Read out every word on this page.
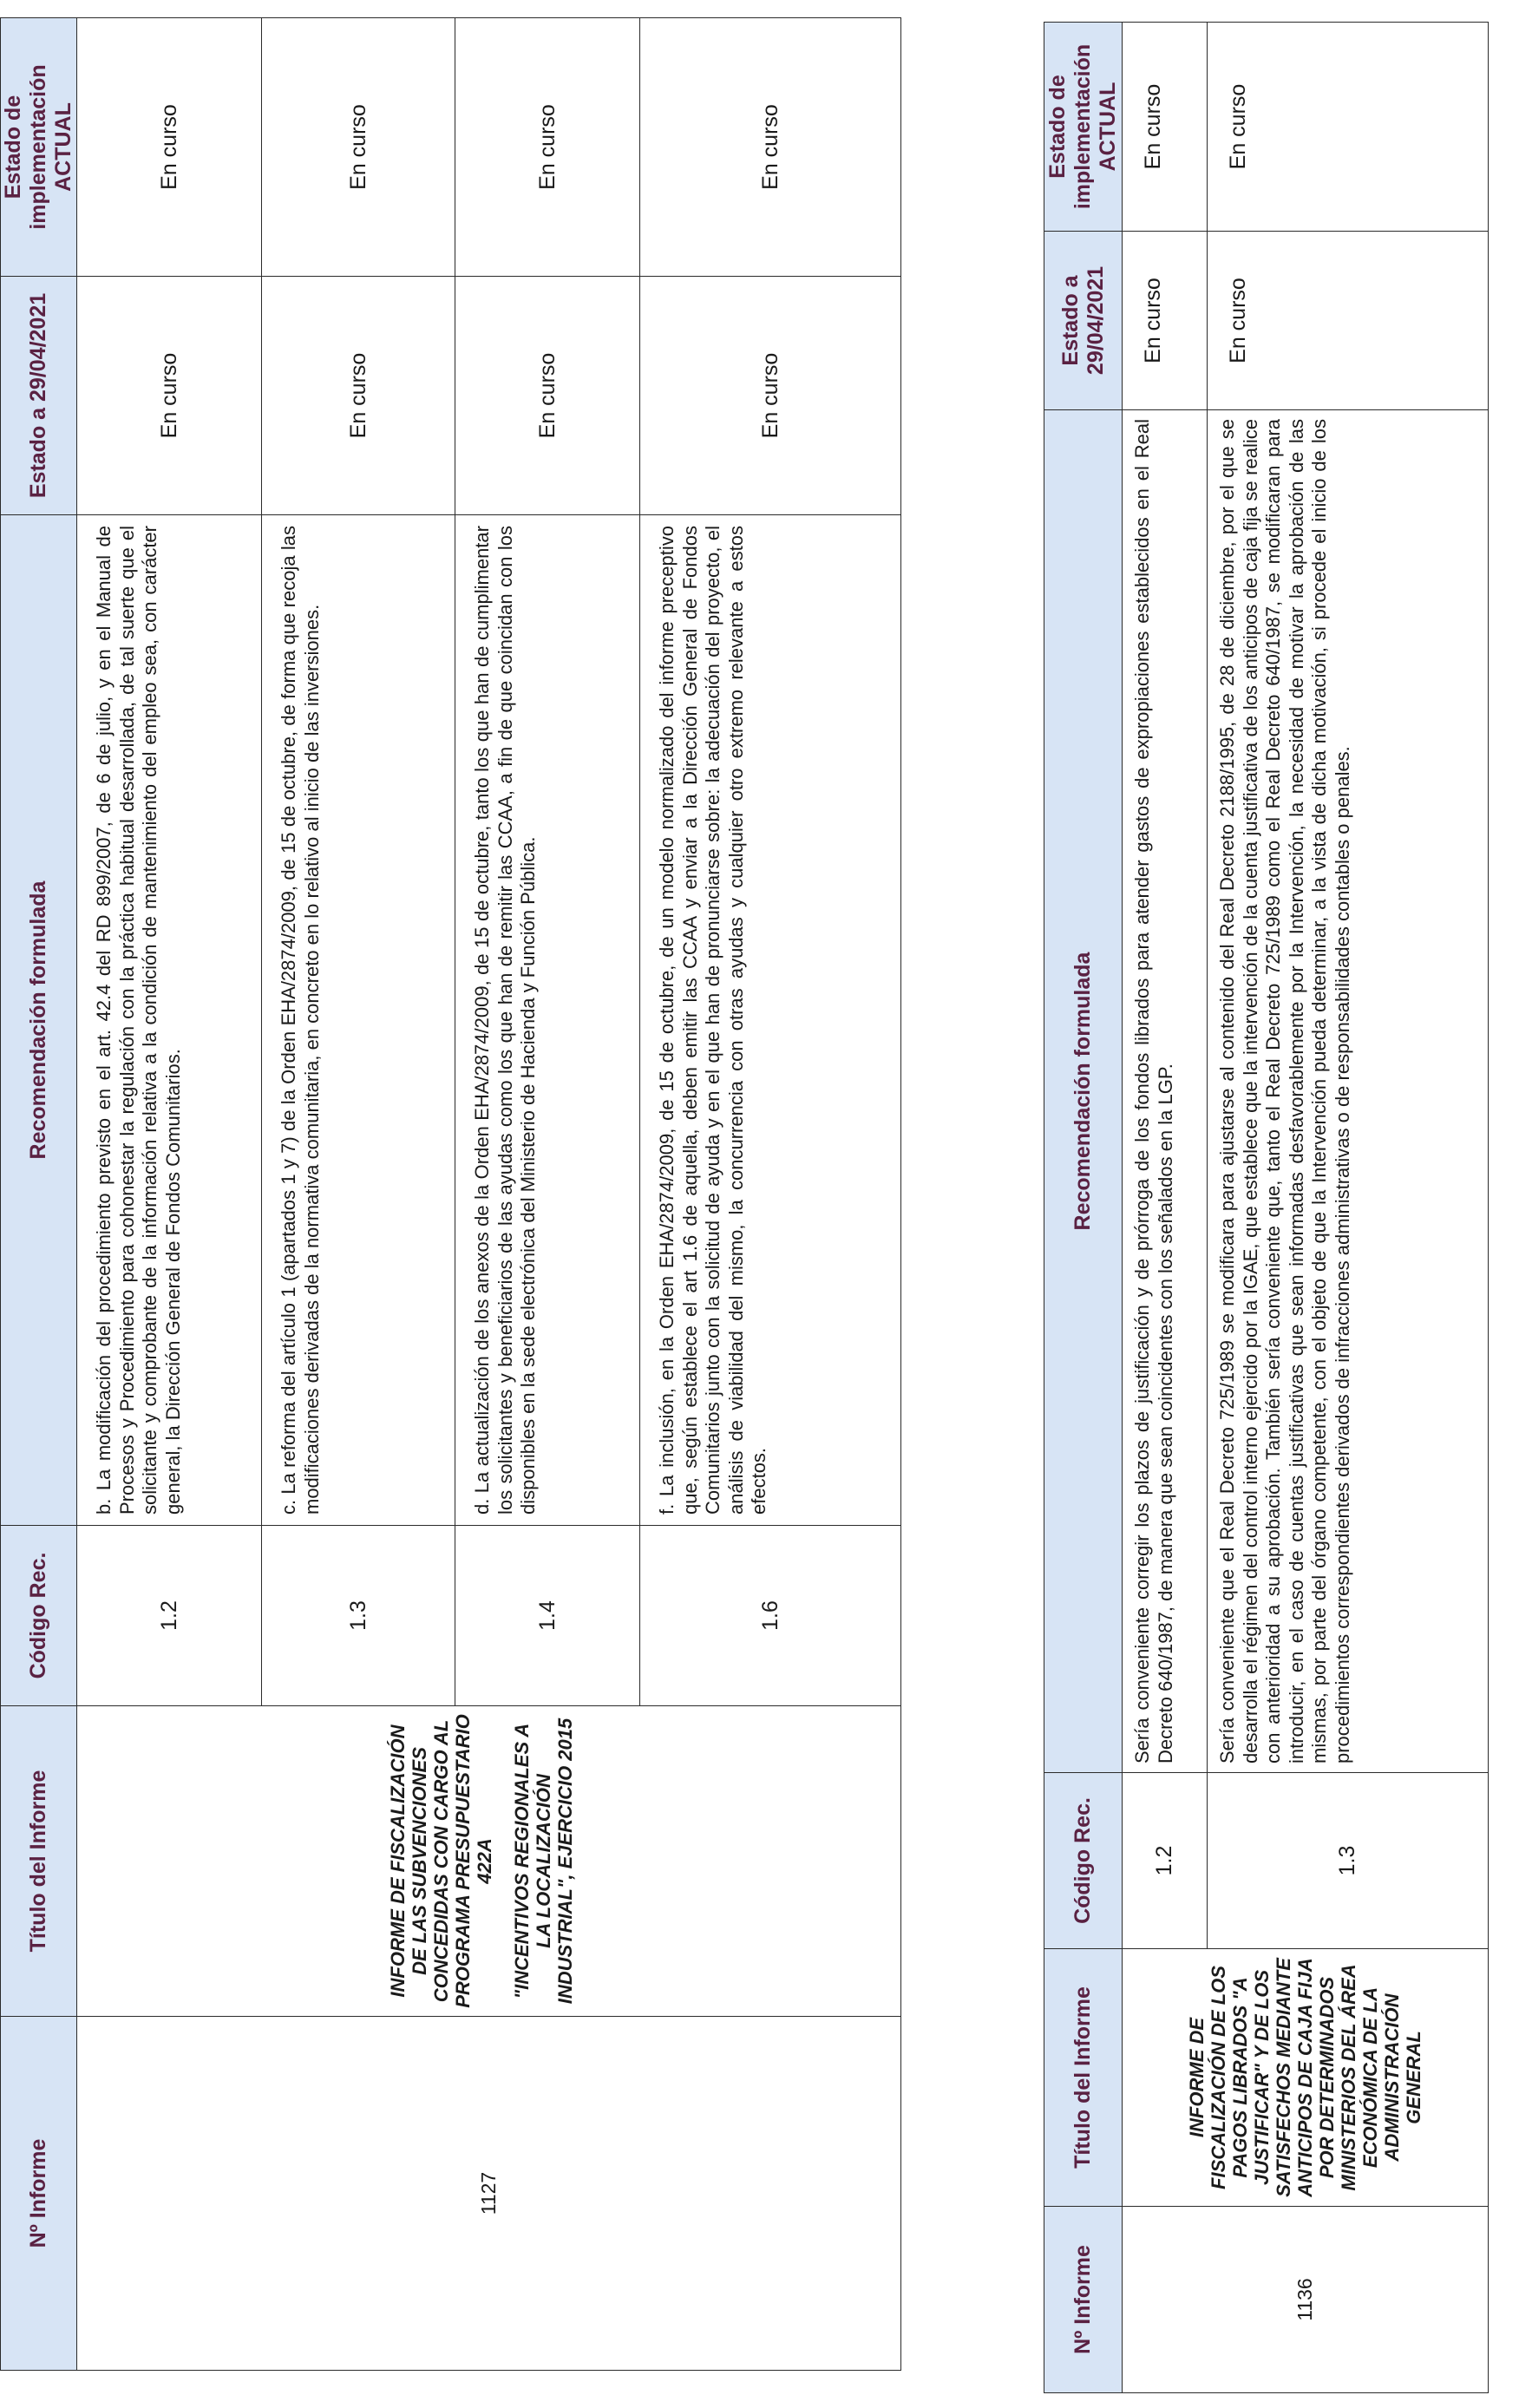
Nº Informe	Título del Informe	Código Rec.	Recomendación formulada	Estado a 29/04/2021	Estado de implementación ACTUAL

1127	INFORME DE FISCALIZACIÓN DE LAS SUBVENCIONES CONCEDIDAS CON CARGO AL PROGRAMA PRESUPUESTARIO 422A "INCENTIVOS REGIONALES A LA LOCALIZACIÓN INDUSTRIAL", EJERCICIO 2015	1.2	b. La modificación del procedimiento previsto en el art. 42.4 del RD 899/2007, de 6 de julio, y en el Manual de Procesos y Procedimiento para cohonestar la regulación con la práctica habitual desarrollada, de tal suerte que el solicitante y comprobante de la información relativa a la condición de mantenimiento del empleo sea, con carácter general, la Dirección General de Fondos Comunitarios.	En curso	En curso
		1.3	c. La reforma del artículo 1 (apartados 1 y 7) de la Orden EHA/2874/2009, de 15 de octubre, de forma que recoja las modificaciones derivadas de la normativa comunitaria, en concreto en lo relativo al inicio de las inversiones.	En curso	En curso
		1.4	d. La actualización de los anexos de la Orden EHA/2874/2009, de 15 de octubre, tanto los que han de cumplimentar los solicitantes y beneficiarios de las ayudas como los que han de remitir las CCAA, a fin de que coincidan con los disponibles en la sede electrónica del Ministerio de Hacienda y Función Pública.	En curso	En curso
		1.6	f. La inclusión, en la Orden EHA/2874/2009, de 15 de octubre, de un modelo normalizado del informe preceptivo que, según establece el art 1.6 de aquella, deben emitir las CCAA y enviar a la Dirección General de Fondos Comunitarios junto con la solicitud de ayuda y en el que han de pronunciarse sobre: la adecuación del proyecto, el análisis de viabilidad del mismo, la concurrencia con otras ayudas y cualquier otro extremo relevante a estos efectos.	En curso	En curso
Nº Informe	Título del Informe	Código Rec.	Recomendación formulada	Estado a 29/04/2021	Estado de implementación ACTUAL

1136	INFORME DE FISCALIZACIÓN DE LOS PAGOS LIBRADOS "A JUSTIFICAR" Y DE LOS SATISFECHOS MEDIANTE ANTICIPOS DE CAJA FIJA POR DETERMINADOS MINISTERIOS DEL ÁREA ECONÓMICA DE LA ADMINISTRACIÓN GENERAL	1.2	Sería conveniente corregir los plazos de justificación y de prórroga de los fondos librados para atender gastos de expropiaciones establecidos en el Real Decreto 640/1987, de manera que sean coincidentes con los señalados en la LGP.	En curso	En curso
		1.3	Sería conveniente que el Real Decreto 725/1989 se modificara para ajustarse al contenido del Real Decreto 2188/1995, de 28 de diciembre, por el que se desarrolla el régimen del control interno ejercido por la IGAE, que establece que la intervención de la cuenta justificativa de los anticipos de caja fija se realice con anterioridad a su aprobación. También sería conveniente que, tanto el Real Decreto 725/1989 como el Real Decreto 640/1987, se modificaran para introducir, en el caso de cuentas justificativas que sean informadas desfavorablemente por la Intervención, la necesidad de motivar la aprobación de las mismas, por parte del órgano competente, con el objeto de que la Intervención pueda determinar, a la vista de dicha motivación, si procede el inicio de los procedimientos correspondientes derivados de infracciones administrativas o de responsabilidades contables o penales.	En curso	En curso
